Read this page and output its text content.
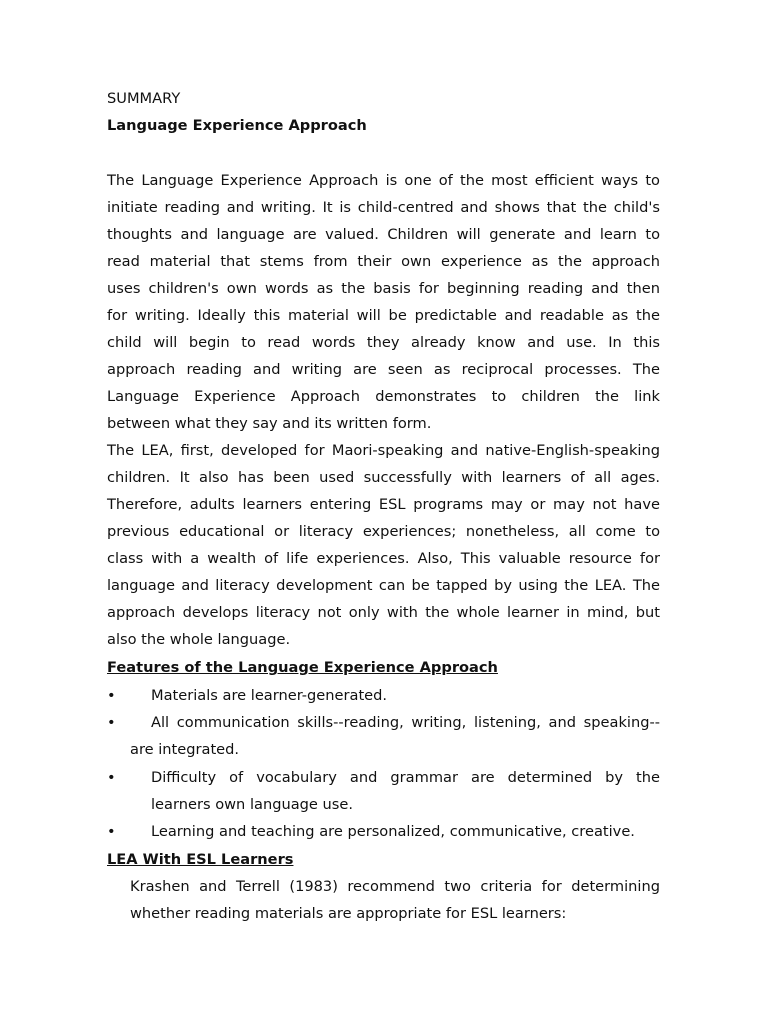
SUMMARY
Language Experience Approach
The Language Experience Approach is one of the most efficient ways to
initiate reading and writing. It is child-centred and shows that the child's
thoughts and language are valued. Children will generate and learn to
read material that stems from their own experience as the approach
uses children's own words as the basis for beginning reading and then
for writing. Ideally this material will be predictable and readable as the
child will begin to read words they already know and use. In this
approach reading and writing are seen as reciprocal processes. The
Language Experience Approach demonstrates to children the link
between what they say and its written form.
The LEA, first, developed for Maori-speaking and native-English-speaking
children. It also has been used successfully with learners of all ages.
Therefore, adults learners entering ESL programs may or may not have
previous educational or literacy experiences; nonetheless, all come to
class with a wealth of life experiences. Also, This valuable resource for
language and literacy development can be tapped by using the LEA. The
approach develops literacy not only with the whole learner in mind, but
also the whole language.
Features of the Language Experience Approach
•	Materials are learner-generated.
•	All communication skills--reading, writing, listening, and speaking--
are integrated.
•	Difficulty of vocabulary and grammar are determined by the
learners own language use.
•	Learning and teaching are personalized, communicative, creative.
LEA With ESL Learners
Krashen and Terrell (1983) recommend two criteria for determining
whether reading materials are appropriate for ESL learners:
